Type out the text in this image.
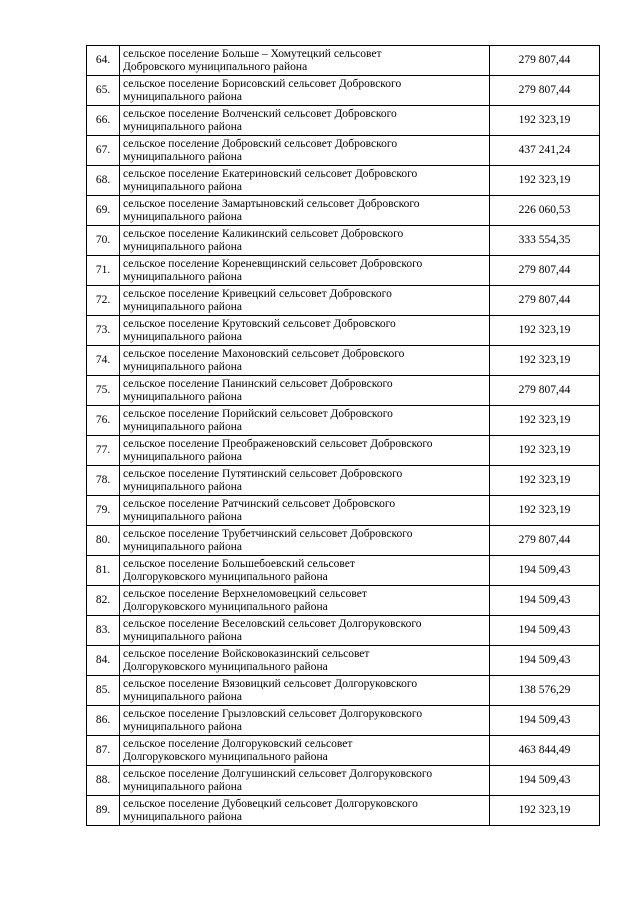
64.	сельское поселение Больше – Хомутецкий сельсовет
Добровского муниципального района	279 807,44
65.	сельское поселение Борисовский сельсовет Добровского
муниципального района	279 807,44
66.	сельское поселение Волченский сельсовет Добровского
муниципального района	192 323,19
67.	сельское поселение Добровский сельсовет Добровского
муниципального района	437 241,24
68.	сельское поселение Екатериновский сельсовет Добровского
муниципального района	192 323,19
69.	сельское поселение Замартыновский сельсовет Добровского
муниципального района	226 060,53
70.	сельское поселение Каликинский сельсовет Добровского
муниципального района	333 554,35
71.	сельское поселение Кореневщинский сельсовет Добровского
муниципального района	279 807,44
72.	сельское поселение Кривецкий сельсовет Добровского
муниципального района	279 807,44
73.	сельское поселение Крутовский сельсовет Добровского
муниципального района	192 323,19
74.	сельское поселение Махоновский сельсовет Добровского
муниципального района	192 323,19
75.	сельское поселение Панинский сельсовет Добровского
муниципального района	279 807,44
76.	сельское поселение Порийский сельсовет Добровского
муниципального района	192 323,19
77.	сельское поселение Преображеновский сельсовет Добровского
муниципального района	192 323,19
78.	сельское поселение Путятинский сельсовет Добровского
муниципального района	192 323,19
79.	сельское поселение Ратчинский сельсовет Добровского
муниципального района	192 323,19
80.	сельское поселение Трубетчинский сельсовет Добровского
муниципального района	279 807,44
81.	сельское поселение Большебоевский сельсовет
Долгоруковского муниципального района	194 509,43
82.	сельское поселение Верхнеломовецкий сельсовет
Долгоруковского муниципального района	194 509,43
83.	сельское поселение Веселовский сельсовет Долгоруковского
муниципального района	194 509,43
84.	сельское поселение Войсковоказинский сельсовет
Долгоруковского муниципального района	194 509,43
85.	сельское поселение Вязовицкий сельсовет Долгоруковского
муниципального района	138 576,29
86.	сельское поселение Грызловский сельсовет Долгоруковского
муниципального района	194 509,43
87.	сельское поселение Долгоруковский сельсовет
Долгоруковского муниципального района	463 844,49
88.	сельское поселение Долгушинский сельсовет Долгоруковского
муниципального района	194 509,43
89.	сельское поселение Дубовецкий сельсовет Долгоруковского
муниципального района	192 323,19
